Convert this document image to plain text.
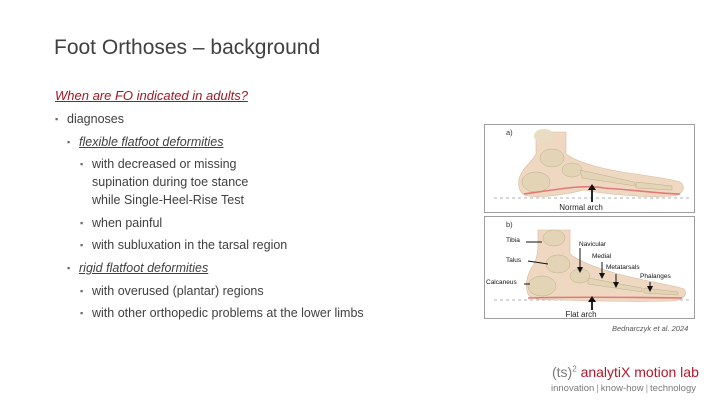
Foot Orthoses – background
When are FO indicated in adults?
▪ diagnoses
▪ flexible flatfoot deformities
▪ with decreased or missing
supination during toe stance
while Single-Heel-Rise Test
▪ when painful
▪ with subluxation in the tarsal region
▪ rigid flatfoot deformities
▪ with overused (plantar) regions
▪ with other orthopedic problems at the lower limbs
a)
Normal arch
b)
Tibia
Talus
Calcaneus
Navicular
Medial
Metatarsals
Phalanges
Flat arch
Bednarczyk et al. 2024
(ts)$^2$ analytiX motion lab
innovation | know-how | technology
